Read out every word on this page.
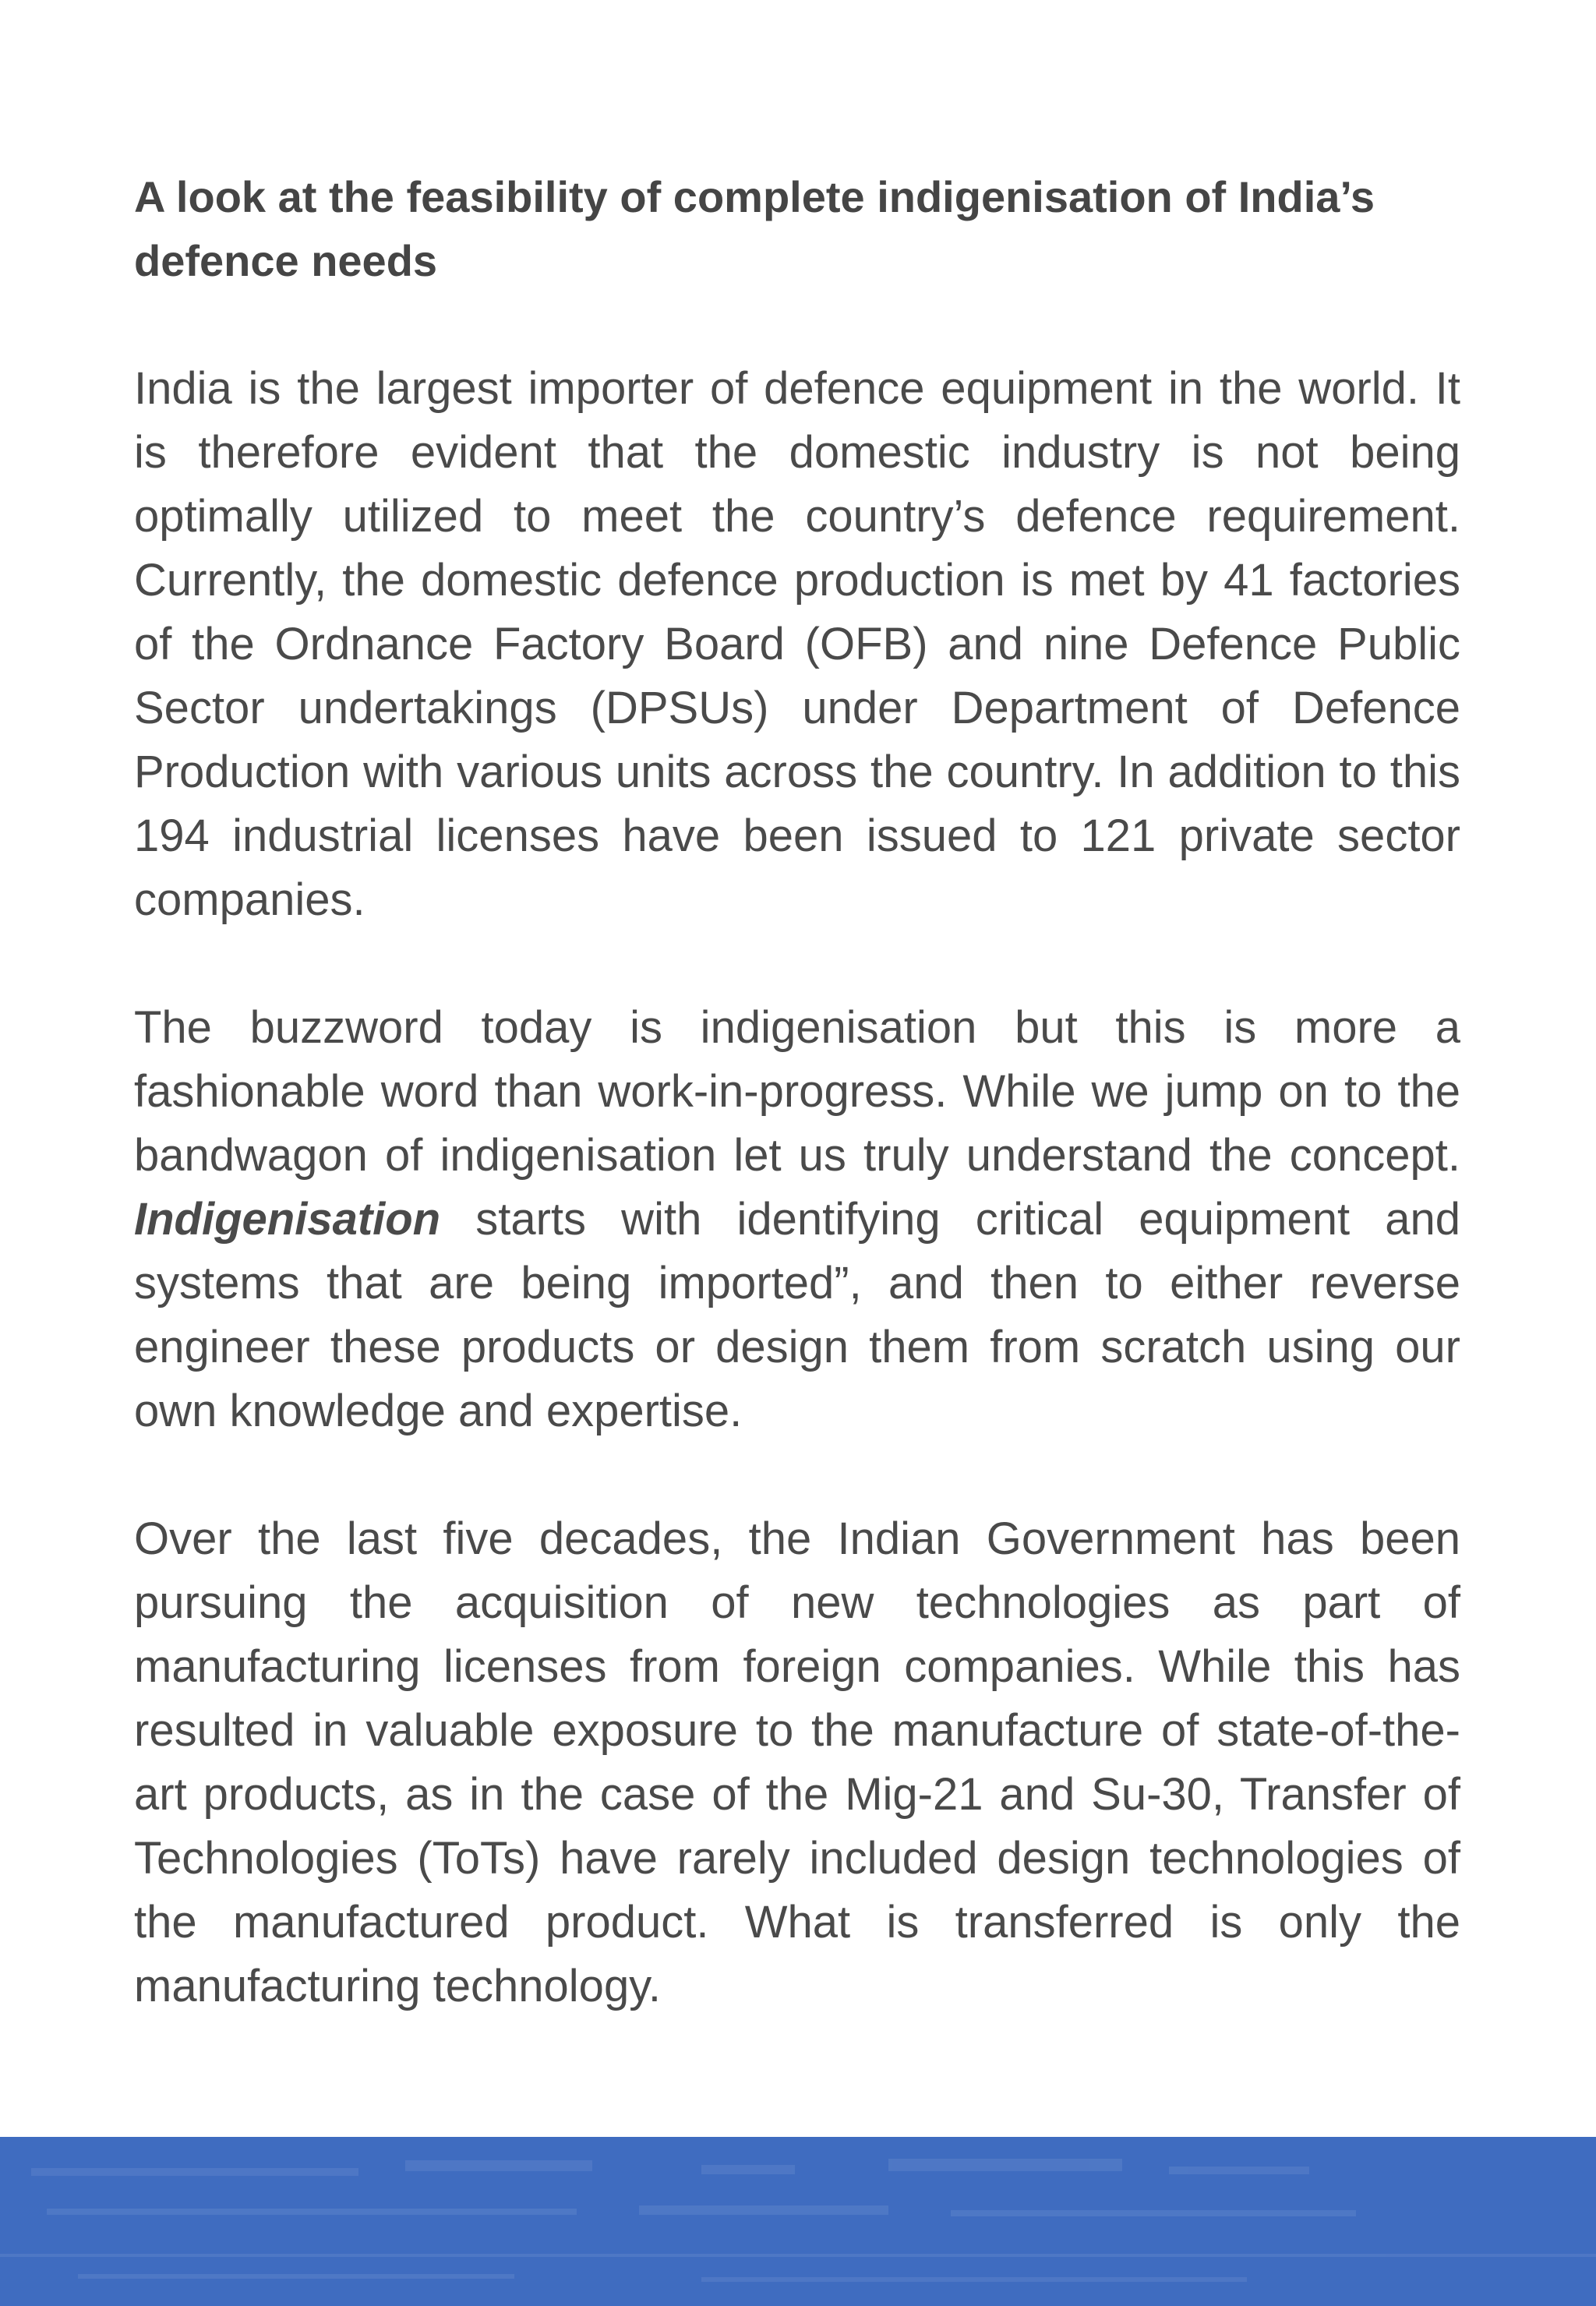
A look at the feasibility of complete indigenisation of India’s defence needs

India is the largest importer of defence equipment in the world. It is therefore evident that the domestic industry is not being optimally utilized to meet the country’s defence requirement. Currently, the domestic defence production is met by 41 factories of the Ordnance Factory Board (OFB) and nine Defence Public Sector undertakings (DPSUs) under Department of Defence Production with various units across the country. In addition to this 194 industrial licenses have been issued to 121 private sector companies.

The buzzword today is indigenisation but this is more a fashionable word than work-in-progress. While we jump on to the bandwagon of indigenisation let us truly understand the concept. Indigenisation starts with identifying critical equipment and systems that are being imported”, and then to either reverse engineer these products or design them from scratch using our own knowledge and expertise.

Over the last five decades, the Indian Government has been pursuing the acquisition of new technologies as part of manufacturing licenses from foreign companies. While this has resulted in valuable exposure to the manufacture of state-of-the-art products, as in the case of the Mig-21 and Su-30, Transfer of Technologies (ToTs) have rarely included design technologies of the manufactured product. What is transferred is only the manufacturing technology.
